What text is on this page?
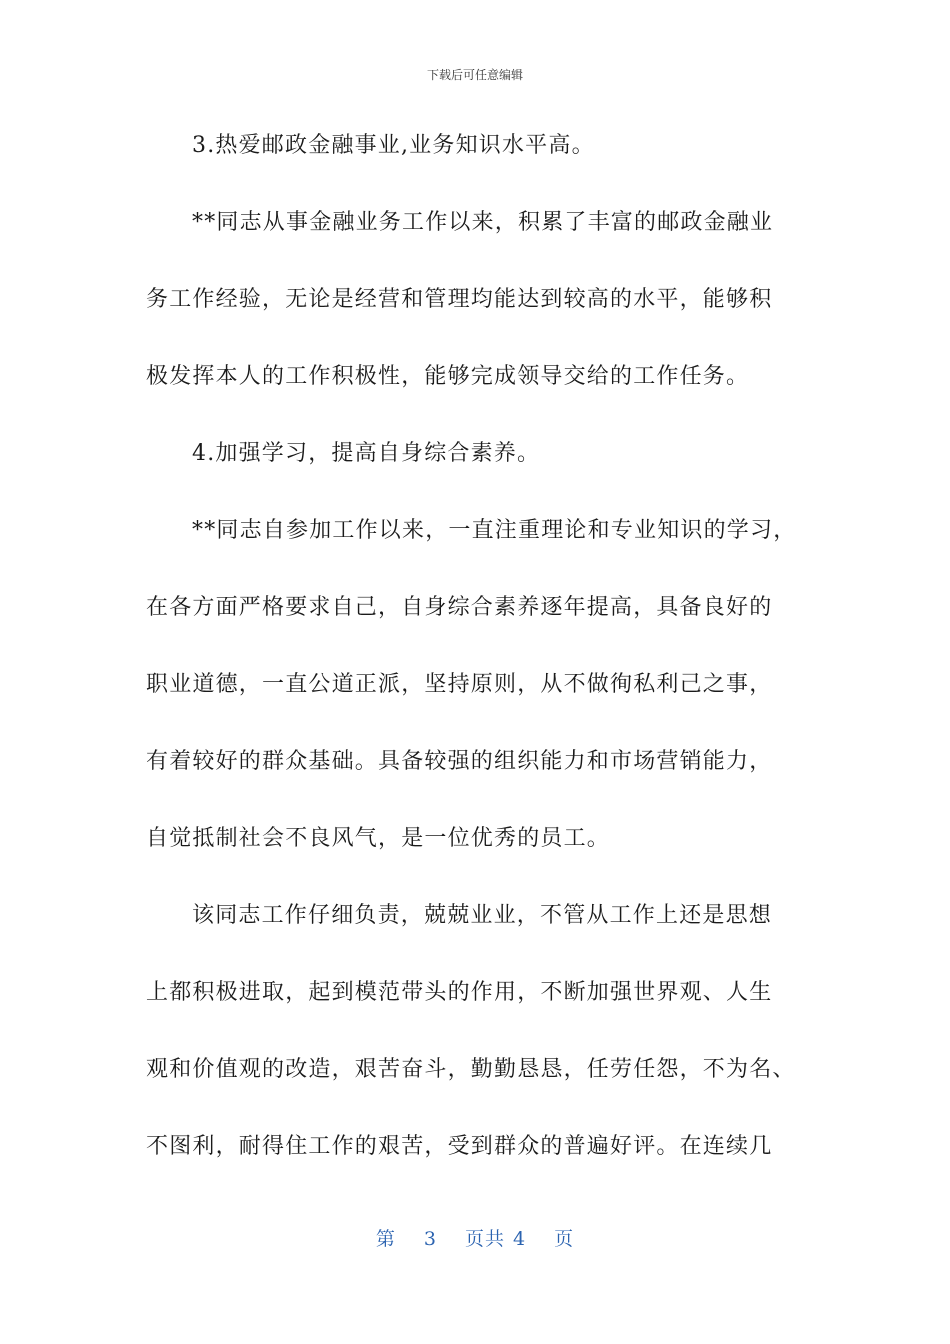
下载后可任意编辑
3.热爱邮政金融事业,业务知识水平高。
**同志从事金融业务工作以来，积累了丰富的邮政金融业
务工作经验，无论是经营和管理均能达到较高的水平，能够积
极发挥本人的工作积极性，能够完成领导交给的工作任务。
4.加强学习，提高自身综合素养。
**同志自参加工作以来，一直注重理论和专业知识的学习，
在各方面严格要求自己，自身综合素养逐年提高，具备良好的
职业道德，一直公道正派，坚持原则，从不做徇私利己之事，
有着较好的群众基础。具备较强的组织能力和市场营销能力，
自觉抵制社会不良风气，是一位优秀的员工。
该同志工作仔细负责，兢兢业业，不管从工作上还是思想
上都积极进取，起到模范带头的作用，不断加强世界观、人生
观和价值观的改造，艰苦奋斗，勤勤恳恳，任劳任怨，不为名、
不图利，耐得住工作的艰苦，受到群众的普遍好评。在连续几
第 3 页共 4 页
